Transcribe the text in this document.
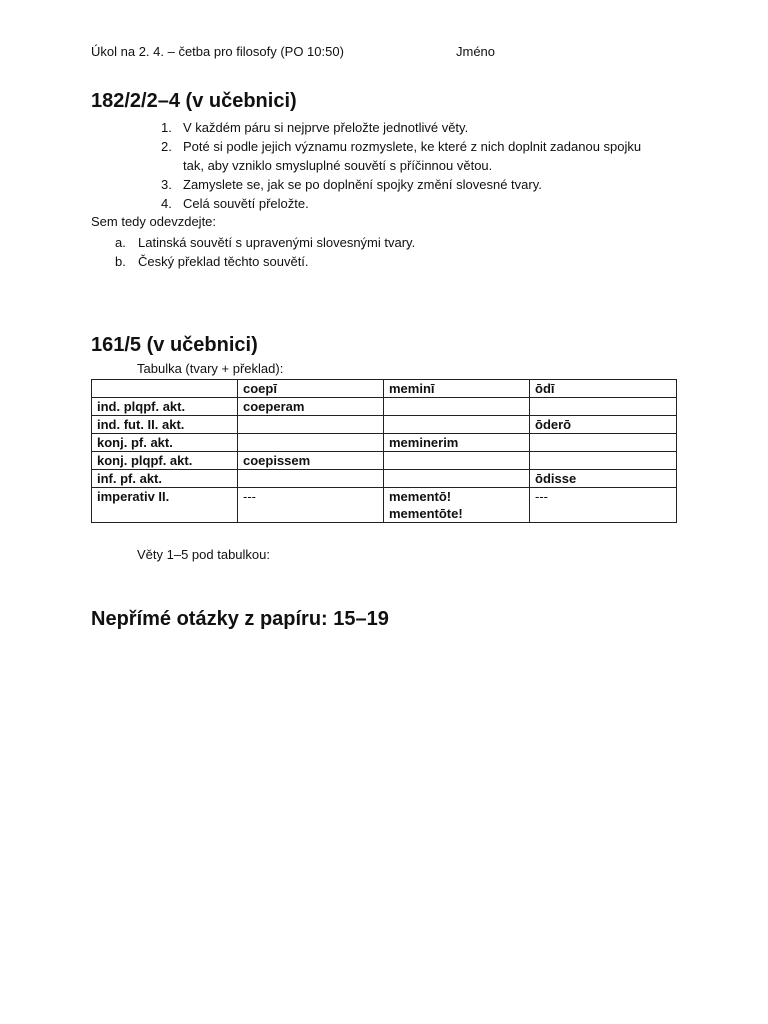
Úkol na 2. 4. – četba pro filosofy (PO 10:50)	Jméno
182/2/2–4 (v učebnici)
1. V každém páru si nejprve přeložte jednotlivé věty.
2. Poté si podle jejich významu rozmyslete, ke které z nich doplnit zadanou spojku tak, aby vzniklo smysluplné souvětí s příčinnou větou.
3. Zamyslete se, jak se po doplnění spojky změní slovesné tvary.
4. Celá souvětí přeložte.
Sem tedy odevzdejte:
a. Latinská souvětí s upravenými slovesnými tvary.
b. Český překlad těchto souvětí.
161/5 (v učebnici)
Tabulka (tvary + překlad):
	coepī	meminī	ōdī
ind. plqpf. akt.	coeperam		
ind. fut. II. akt.			ōderō
konj. pf. akt.		meminerim	
konj. plqpf. akt.	coepissem		
inf. pf. akt.			ōdisse
imperativ II.	---	mementō! mementōte!	---
Věty 1–5 pod tabulkou:
Nepřímé otázky z papíru: 15–19
